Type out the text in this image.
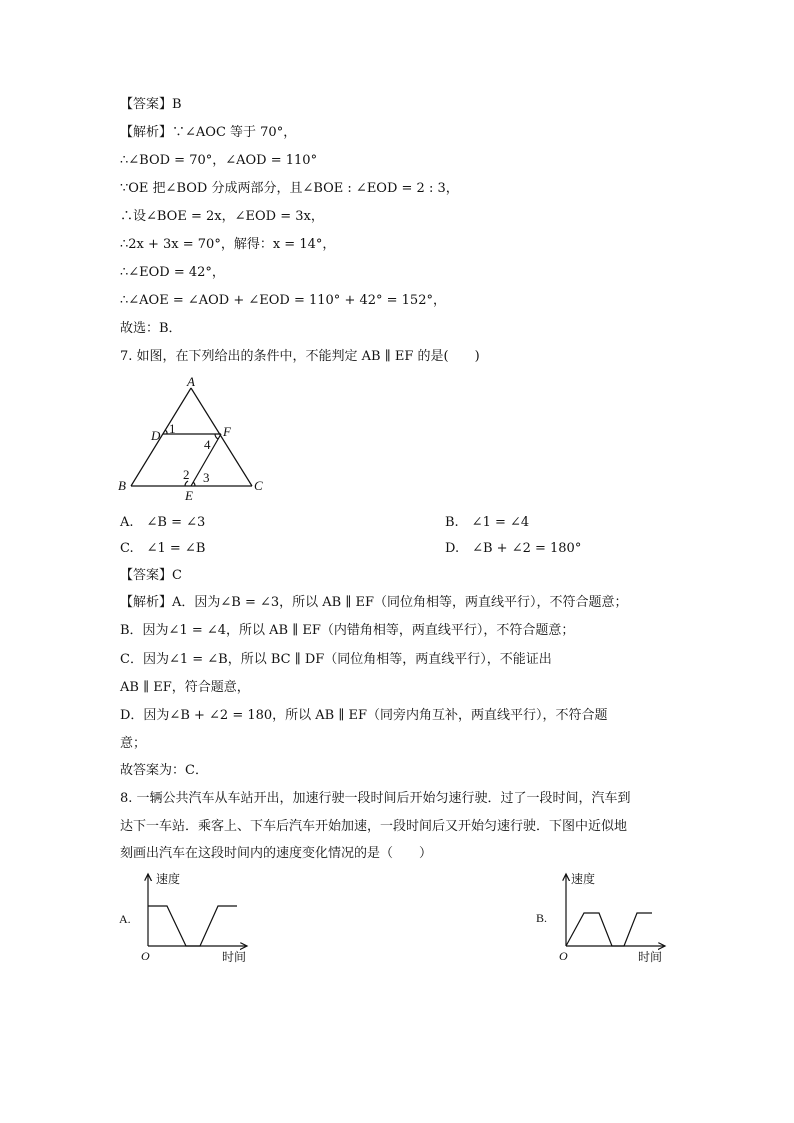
【答案】B
【解析】∵∠AOC 等于 70°，
∴∠BOD = 70°，∠AOD = 110°
∵OE 把∠BOD 分成两部分，且∠BOE : ∠EOD = 2 : 3，
∴设∠BOE = 2x，∠EOD = 3x，
∴2x + 3x = 70°，解得：x = 14°，
∴∠EOD = 42°，
∴∠AOE = ∠AOD + ∠EOD = 110° + 42° = 152°，
故选：B．
7. 如图，在下列给出的条件中，不能判定 AB ∥ EF 的是(　　)
A
B	C
D	F
E
1
4
2 3
A.　∠B = ∠3	B.　∠1 = ∠4
C.　∠1 = ∠B	D.　∠B + ∠2 = 180°
【答案】C
【解析】A．因为∠B = ∠3，所以 AB ∥ EF（同位角相等，两直线平行），不符合题意；
B．因为∠1 = ∠4，所以 AB ∥ EF（内错角相等，两直线平行），不符合题意；
C．因为∠1 = ∠B，所以 BC ∥ DF（同位角相等，两直线平行），不能证出
AB ∥ EF，符合题意，
D．因为∠B + ∠2 = 180，所以 AB ∥ EF（同旁内角互补，两直线平行），不符合题
意；
故答案为：C．
8. 一辆公共汽车从车站开出，加速行驶一段时间后开始匀速行驶．过了一段时间，汽车到
达下一车站．乘客上、下车后汽车开始加速，一段时间后又开始匀速行驶．下图中近似地
刻画出汽车在这段时间内的速度变化情况的是（　　）
速度
时间
O
A.
速度
时间
O
B.
